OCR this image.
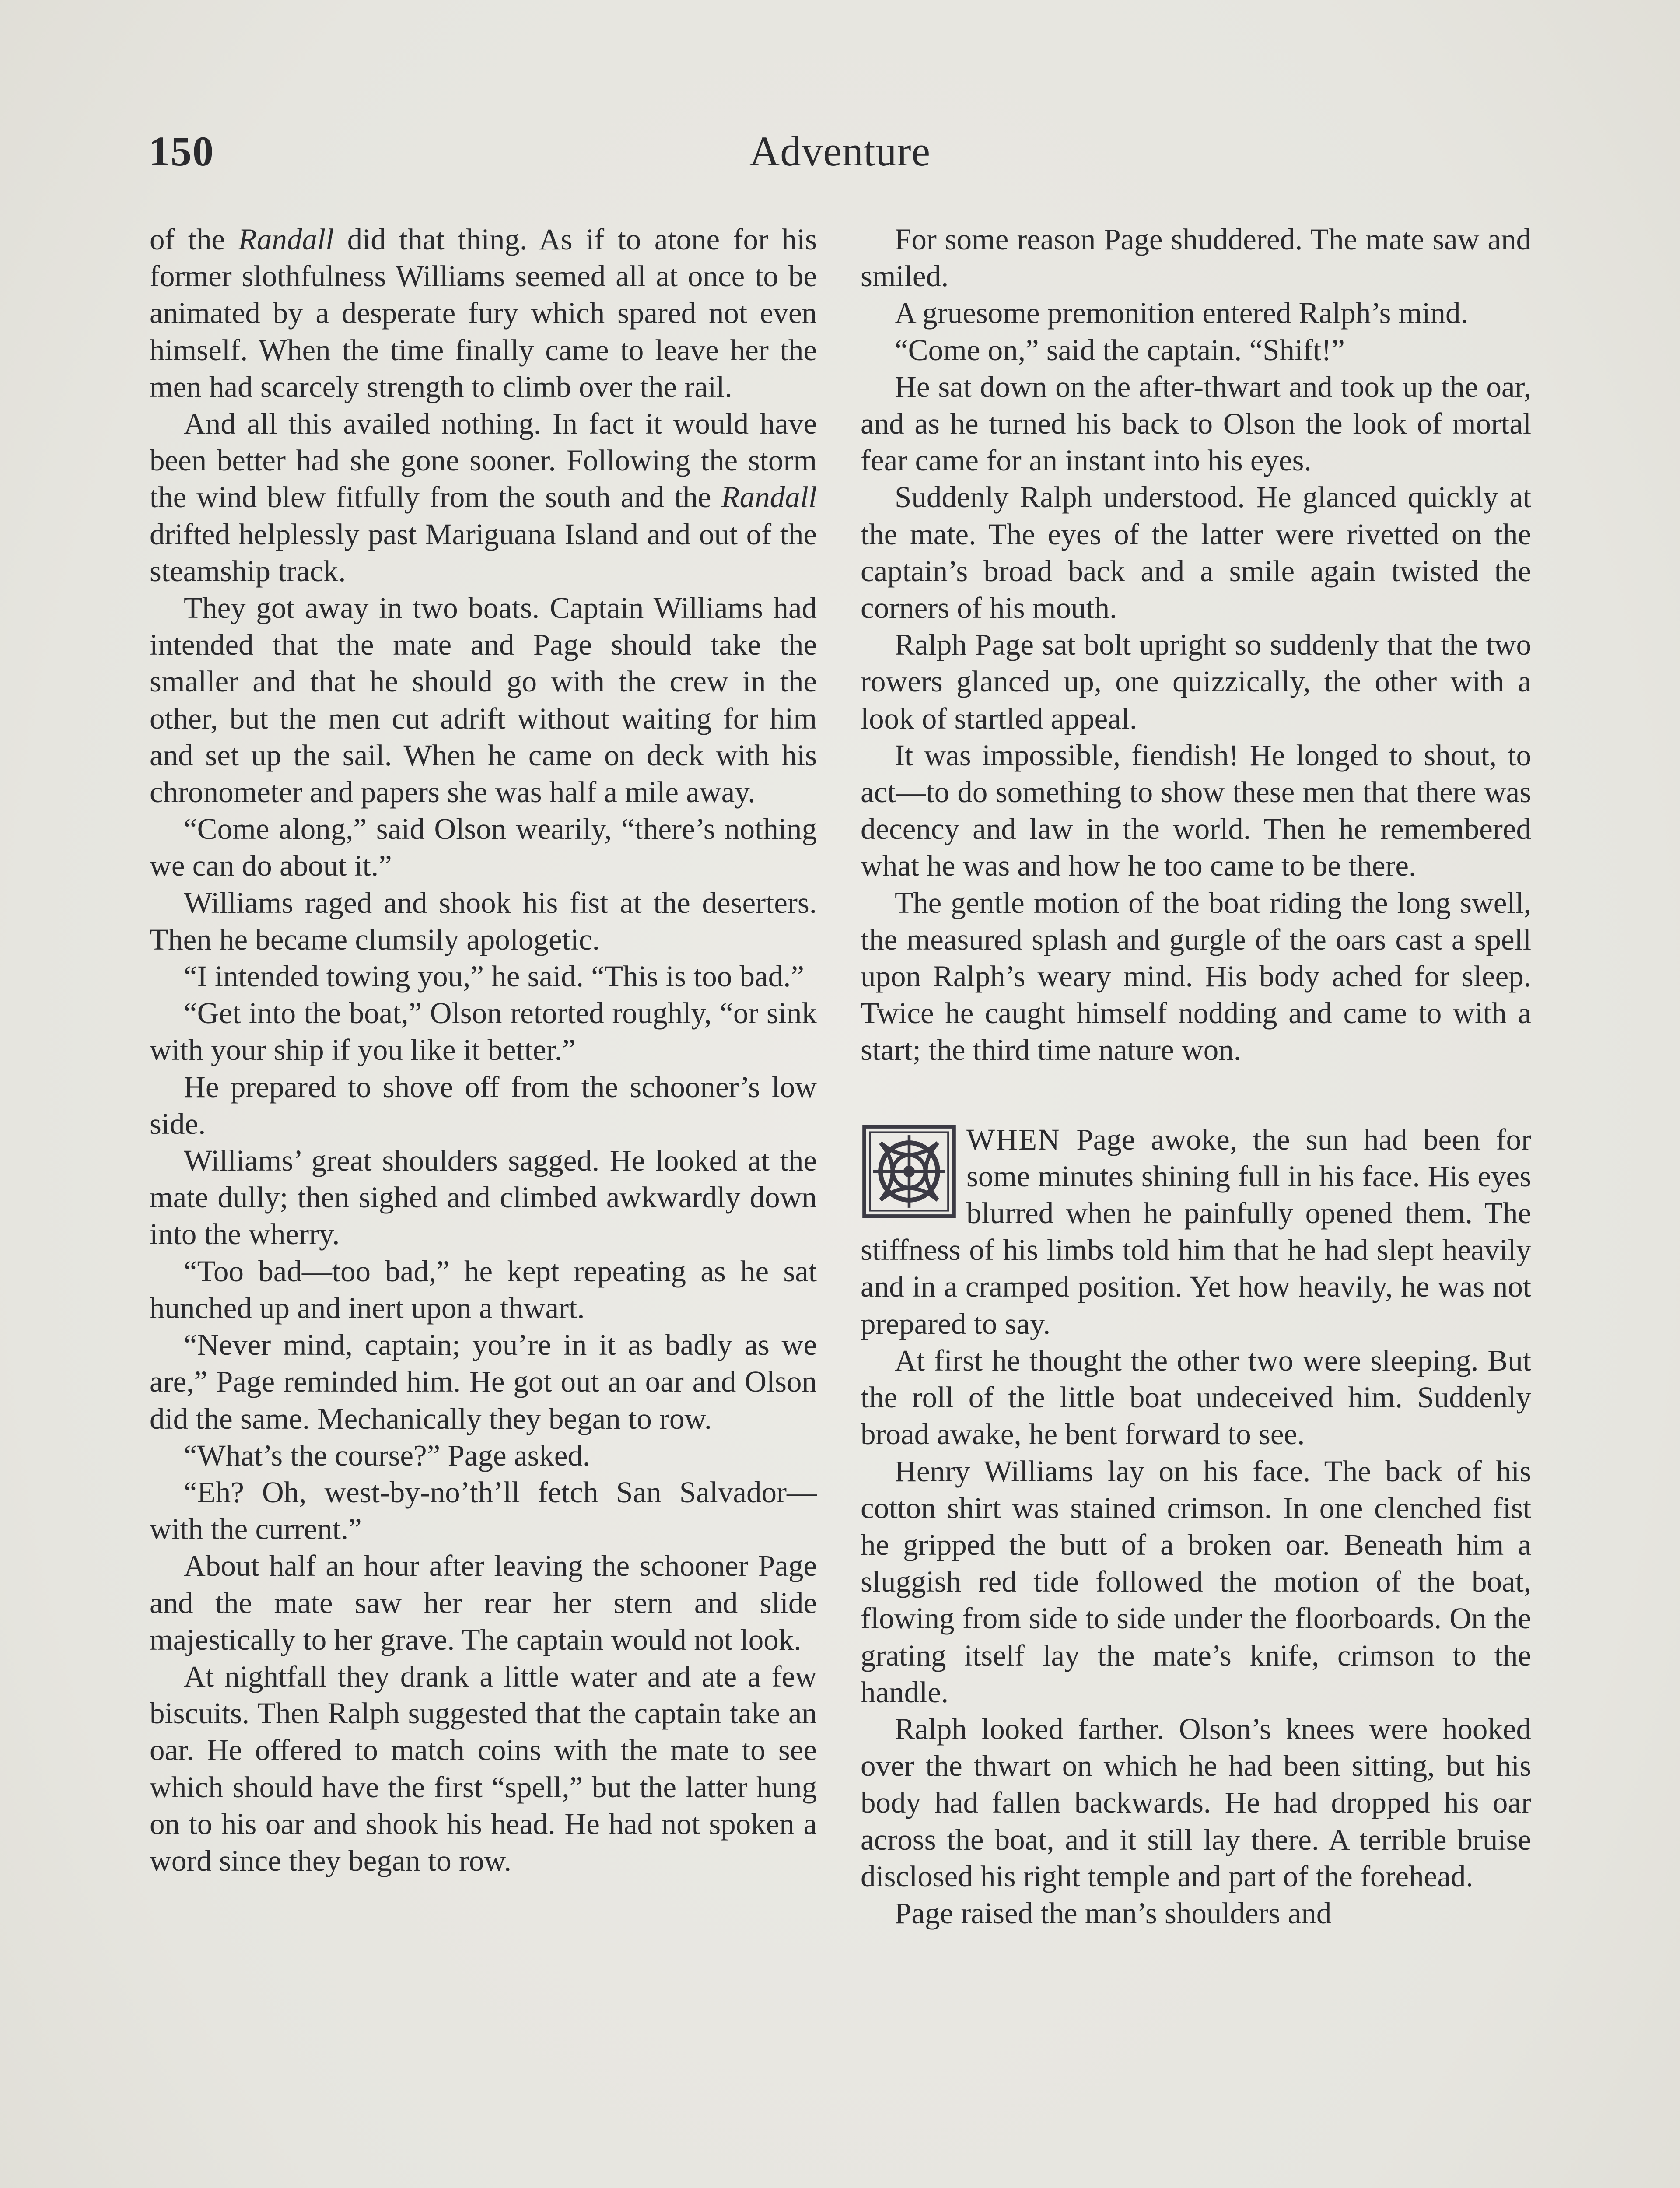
150	Adventure

of the Randall did that thing. As if to atone for his former slothfulness Williams seemed all at once to be animated by a desperate fury which spared not even himself. When the time finally came to leave her the men had scarcely strength to climb over the rail.

And all this availed nothing. In fact it would have been better had she gone sooner. Following the storm the wind blew fitfully from the south and the Randall drifted helplessly past Mariguana Island and out of the steamship track.

They got away in two boats. Captain Williams had intended that the mate and Page should take the smaller and that he should go with the crew in the other, but the men cut adrift without waiting for him and set up the sail. When he came on deck with his chronometer and papers she was half a mile away.

“Come along,” said Olson wearily, “there’s nothing we can do about it.”

Williams raged and shook his fist at the deserters. Then he became clumsily apologetic.

“I intended towing you,” he said. “This is too bad.”

“Get into the boat,” Olson retorted roughly, “or sink with your ship if you like it better.”

He prepared to shove off from the schooner’s low side.

Williams’ great shoulders sagged. He looked at the mate dully; then sighed and climbed awkwardly down into the wherry.

“Too bad—too bad,” he kept repeating as he sat hunched up and inert upon a thwart.

“Never mind, captain; you’re in it as badly as we are,” Page reminded him. He got out an oar and Olson did the same. Mechanically they began to row.

“What’s the course?” Page asked.

“Eh? Oh, west-by-no’th’ll fetch San Salvador—with the current.”

About half an hour after leaving the schooner Page and the mate saw her rear her stern and slide majestically to her grave. The captain would not look.

At nightfall they drank a little water and ate a few biscuits. Then Ralph suggested that the captain take an oar. He offered to match coins with the mate to see which should have the first “spell,” but the latter hung on to his oar and shook his head. He had not spoken a word since they began to row.

For some reason Page shuddered. The mate saw and smiled.

A gruesome premonition entered Ralph’s mind.

“Come on,” said the captain. “Shift!”

He sat down on the after-thwart and took up the oar, and as he turned his back to Olson the look of mortal fear came for an instant into his eyes.

Suddenly Ralph understood. He glanced quickly at the mate. The eyes of the latter were rivetted on the captain’s broad back and a smile again twisted the corners of his mouth.

Ralph Page sat bolt upright so suddenly that the two rowers glanced up, one quizzically, the other with a look of startled appeal.

It was impossible, fiendish! He longed to shout, to act—to do something to show these men that there was decency and law in the world. Then he remembered what he was and how he too came to be there.

The gentle motion of the boat riding the long swell, the measured splash and gurgle of the oars cast a spell upon Ralph’s weary mind. His body ached for sleep. Twice he caught himself nodding and came to with a start; the third time nature won.

WHEN Page awoke, the sun had been for some minutes shining full in his face. His eyes blurred when he painfully opened them. The stiffness of his limbs told him that he had slept heavily and in a cramped position. Yet how heavily, he was not prepared to say.

At first he thought the other two were sleeping. But the roll of the little boat undeceived him. Suddenly broad awake, he bent forward to see.

Henry Williams lay on his face. The back of his cotton shirt was stained crimson. In one clenched fist he gripped the butt of a broken oar. Beneath him a sluggish red tide followed the motion of the boat, flowing from side to side under the floorboards. On the grating itself lay the mate’s knife, crimson to the handle.

Ralph looked farther. Olson’s knees were hooked over the thwart on which he had been sitting, but his body had fallen backwards. He had dropped his oar across the boat, and it still lay there. A terrible bruise disclosed his right temple and part of the forehead.

Page raised the man’s shoulders and
